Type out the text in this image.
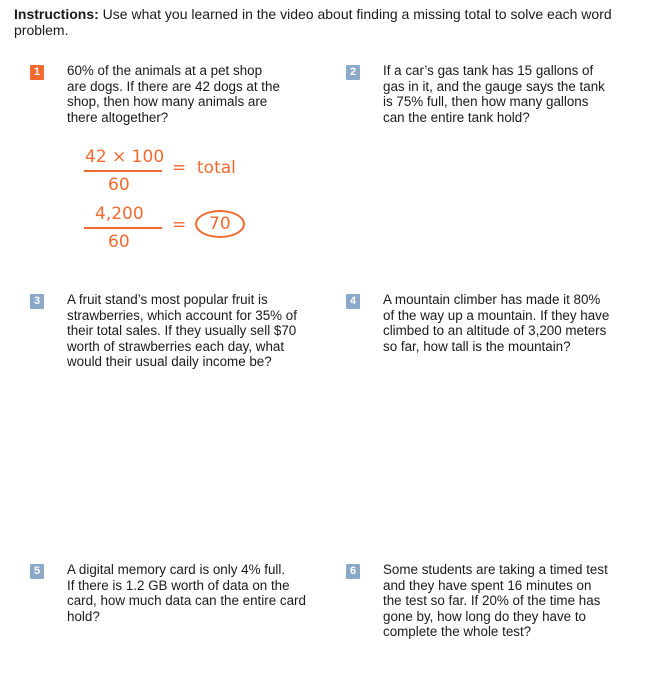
Instructions: Use what you learned in the video about finding a missing total to solve each word problem.
1 60% of the animals at a pet shop
are dogs. If there are 42 dogs at the
shop, then how many animals are
there altogether?
2 If a car’s gas tank has 15 gallons of
gas in it, and the gauge says the tank
is 75% full, then how many gallons
can the entire tank hold?
42 × 100
60
= total
4,200
60
= 70
3 A fruit stand’s most popular fruit is
strawberries, which account for 35% of
their total sales. If they usually sell $70
worth of strawberries each day, what
would their usual daily income be?
4 A mountain climber has made it 80%
of the way up a mountain. If they have
climbed to an altitude of 3,200 meters
so far, how tall is the mountain?
5 A digital memory card is only 4% full.
If there is 1.2 GB worth of data on the
card, how much data can the entire card
hold?
6 Some students are taking a timed test
and they have spent 16 minutes on
the test so far. If 20% of the time has
gone by, how long do they have to
complete the whole test?
